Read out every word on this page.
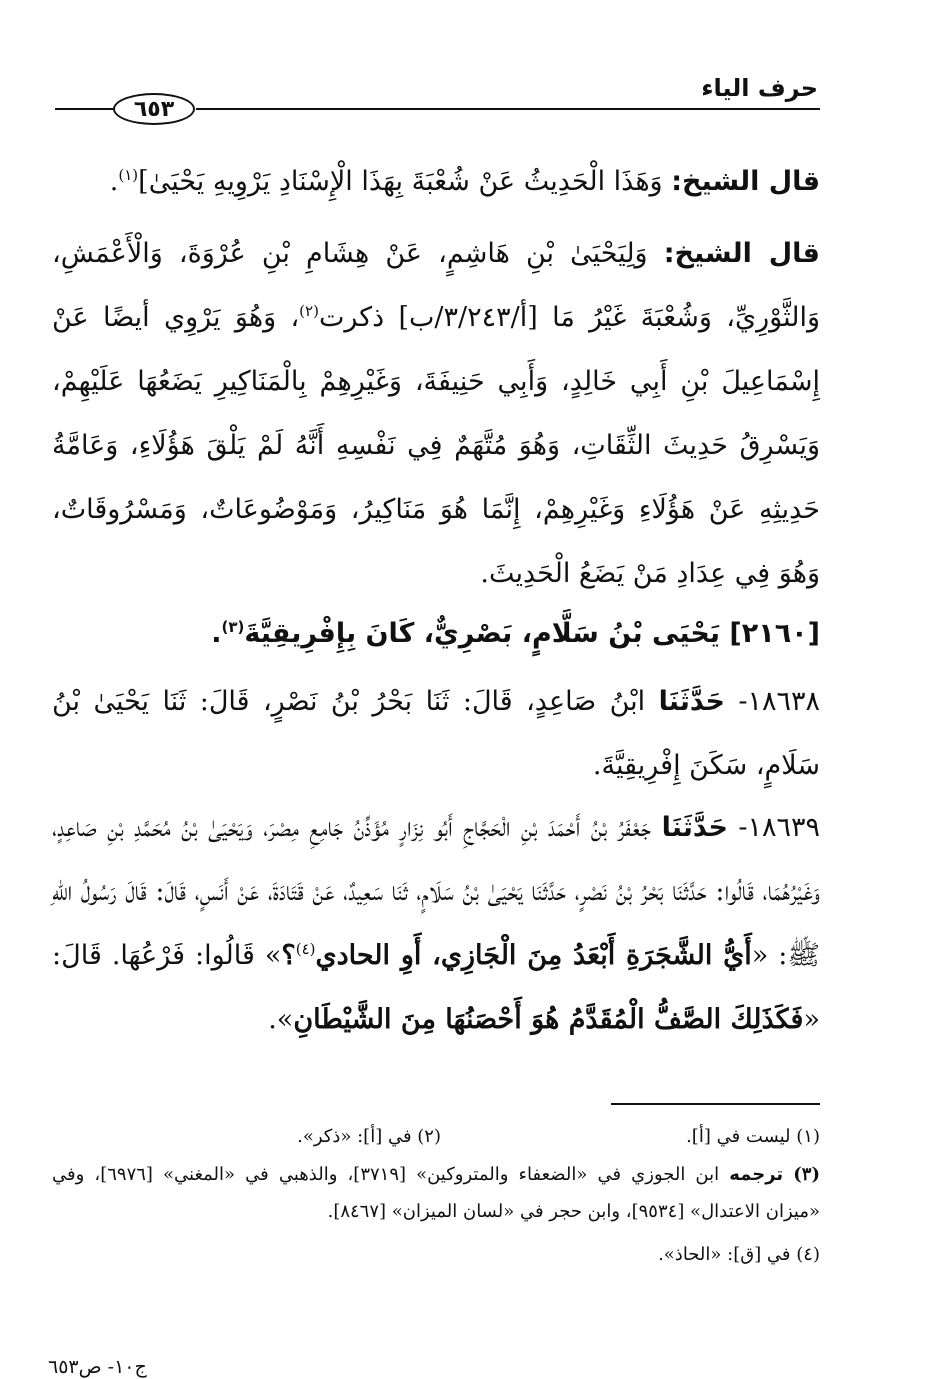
حرف الياء
٦٥٣
قال الشيخ: وَهَذَا الْحَدِيثُ عَنْ شُعْبَةَ بِهَذَا الْإِسْنَادِ يَرْوِيهِ يَحْيَىٰ]$^{(١)}$.
قال الشيخ: وَلِيَحْيَىٰ بْنِ هَاشِمٍ، عَنْ هِشَامِ بْنِ عُرْوَةَ، وَالْأَعْمَشِ، وَالثَّوْرِيِّ، وَشُعْبَةَ غَيْرُ مَا [أ/٣/٢٤٣/ب] ذكرت$^{(٢)}$، وَهُوَ يَرْوِي أيضًا عَنْ إِسْمَاعِيلَ بْنِ أَبِي خَالِدٍ، وَأَبِي حَنِيفَةَ، وَغَيْرِهِمْ بِالْمَنَاكِيرِ يَضَعُهَا عَلَيْهِمْ، وَيَسْرِقُ حَدِيثَ الثِّقَاتِ، وَهُوَ مُتَّهَمٌ فِي نَفْسِهِ أَنَّهُ لَمْ يَلْقَ هَؤُلَاءِ، وَعَامَّةُ حَدِيثِهِ عَنْ هَؤُلَاءِ وَغَيْرِهِمْ، إِنَّمَا هُوَ مَنَاكِيرُ، وَمَوْضُوعَاتٌ، وَمَسْرُوقَاتٌ، وَهُوَ فِي عِدَادِ مَنْ يَضَعُ الْحَدِيثَ.
[٢١٦٠] يَحْيَى بْنُ سَلَّامٍ، بَصْرِيٌّ، كَانَ بِإِفْرِيقِيَّةَ$^{(٣)}$.
١٨٦٣٨- حَدَّثَنَا ابْنُ صَاعِدٍ، قَالَ: ثَنَا بَحْرُ بْنُ نَصْرٍ، قَالَ: ثَنَا يَحْيَىٰ بْنُ سَلَامٍ، سَكَنَ إِفْرِيقِيَّةَ.
١٨٦٣٩- حَدَّثَنَا جَعْفَرُ بْنُ أَحْمَدَ بْنِ الْحَجَّاجِ أَبُو نِزَارٍ مُؤَذِّنُ جَامِعِ مِصْرَ، وَيَحْيَىٰ بْنُ مُحَمَّدِ بْنِ صَاعِدٍ، وَغَيْرُهُمَا، قَالُوا: حَدَّثَنَا بَحْرُ بْنُ نَصْرٍ، حَدَّثَنَا يَحْيَىٰ بْنُ سَلَامٍ، ثَنَا سَعِيدٌ، عَنْ قَتَادَةَ، عَنْ أَنَسٍ، قَالَ: قَالَ رَسُولُ اللهِ ﷺ: «أَيُّ الشَّجَرَةِ أَبْعَدُ مِنَ الْجَازِي، أَوِ الحادي$^{(٤)}$؟» قَالُوا: فَرْعُهَا. قَالَ: «فَكَذَلِكَ الصَّفُّ الْمُقَدَّمُ هُوَ أَحْصَنُهَا مِنَ الشَّيْطَانِ».
(١) ليست في [أ].
(٢) في [أ]: «ذكر».
(٣) ترجمه ابن الجوزي في «الضعفاء والمتروكين» [٣٧١٩]، والذهبي في «المغني» [٦٩٧٦]، وفي «ميزان الاعتدال» [٩٥٣٤]، وابن حجر في «لسان الميزان» [٨٤٦٧].
(٤) في [ق]: «الحاذ».
ج١٠- ص٦٥٣
